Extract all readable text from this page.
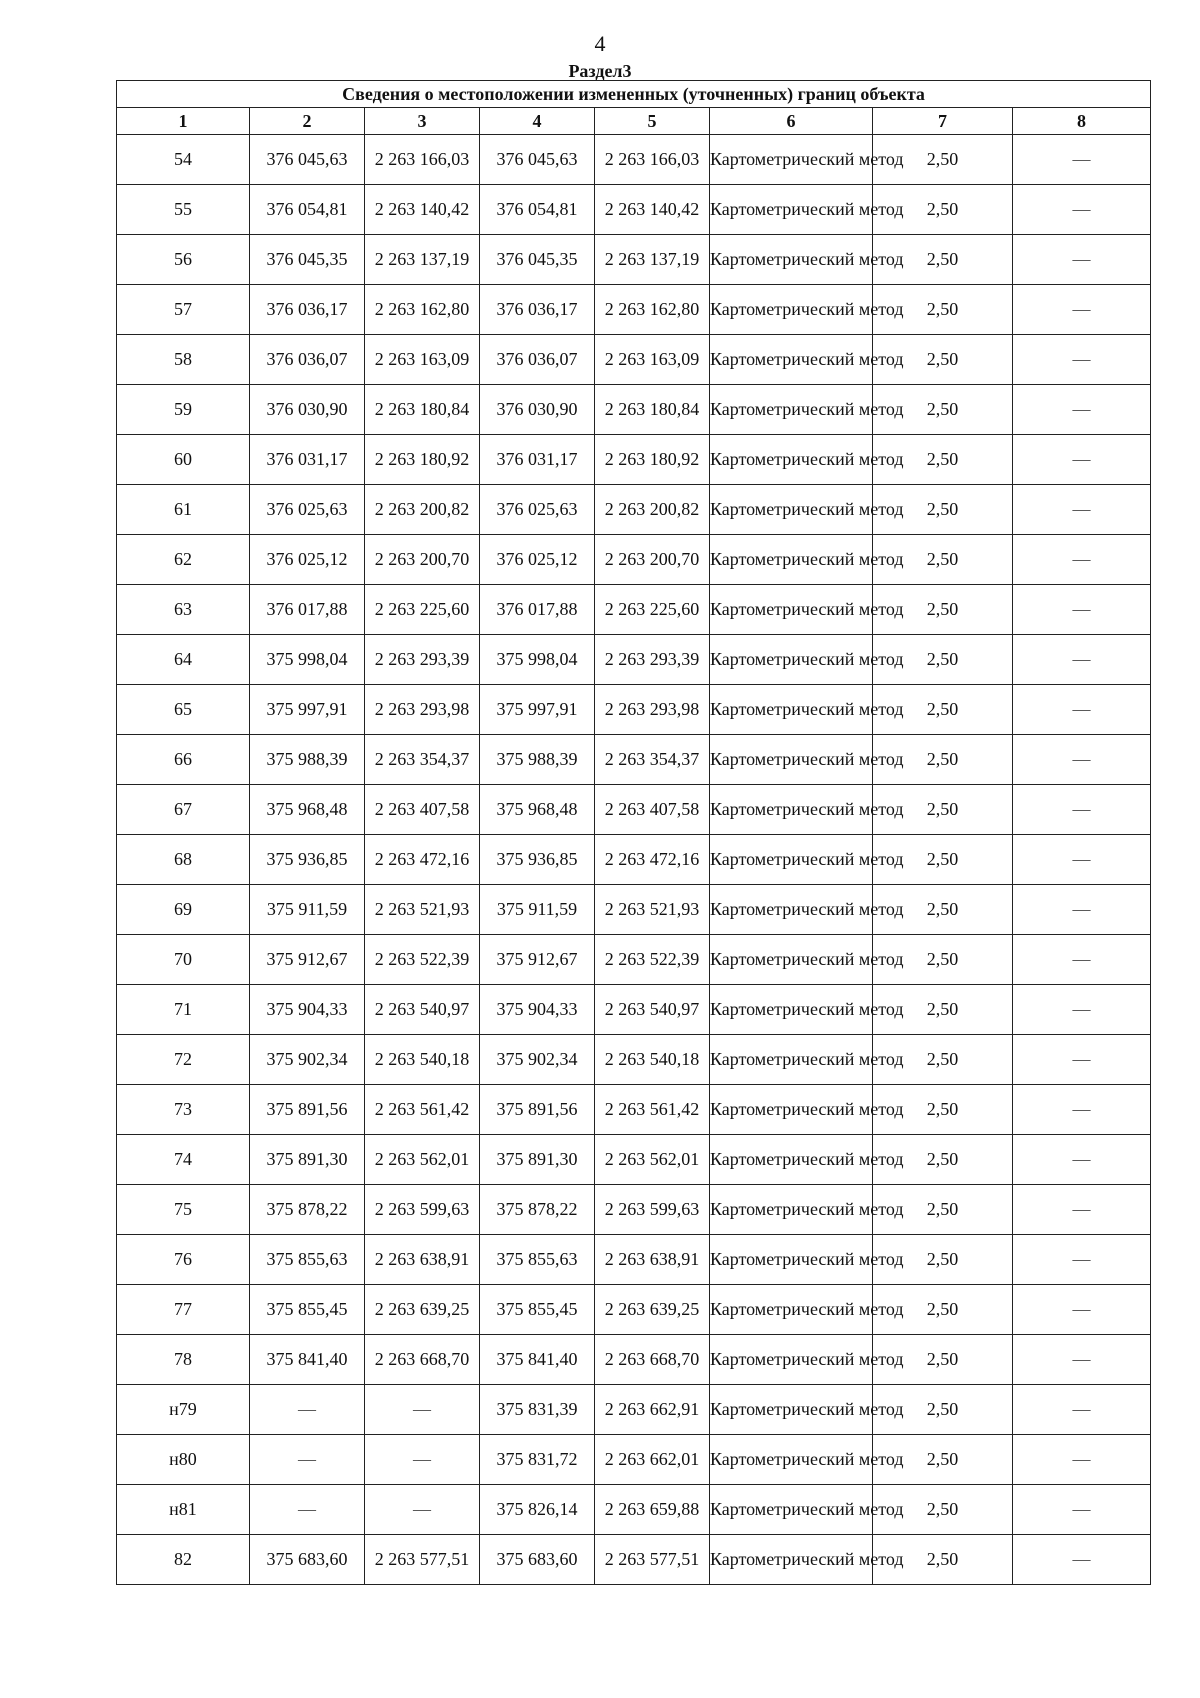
4
Раздел3
Сведения о местоположении измененных (уточненных) границ объекта							
1	2	3	4	5	6	7	8
54	376 045,63	2 263 166,03	376 045,63	2 263 166,03	Картометрический метод	2,50	—
55	376 054,81	2 263 140,42	376 054,81	2 263 140,42	Картометрический метод	2,50	—
56	376 045,35	2 263 137,19	376 045,35	2 263 137,19	Картометрический метод	2,50	—
57	376 036,17	2 263 162,80	376 036,17	2 263 162,80	Картометрический метод	2,50	—
58	376 036,07	2 263 163,09	376 036,07	2 263 163,09	Картометрический метод	2,50	—
59	376 030,90	2 263 180,84	376 030,90	2 263 180,84	Картометрический метод	2,50	—
60	376 031,17	2 263 180,92	376 031,17	2 263 180,92	Картометрический метод	2,50	—
61	376 025,63	2 263 200,82	376 025,63	2 263 200,82	Картометрический метод	2,50	—
62	376 025,12	2 263 200,70	376 025,12	2 263 200,70	Картометрический метод	2,50	—
63	376 017,88	2 263 225,60	376 017,88	2 263 225,60	Картометрический метод	2,50	—
64	375 998,04	2 263 293,39	375 998,04	2 263 293,39	Картометрический метод	2,50	—
65	375 997,91	2 263 293,98	375 997,91	2 263 293,98	Картометрический метод	2,50	—
66	375 988,39	2 263 354,37	375 988,39	2 263 354,37	Картометрический метод	2,50	—
67	375 968,48	2 263 407,58	375 968,48	2 263 407,58	Картометрический метод	2,50	—
68	375 936,85	2 263 472,16	375 936,85	2 263 472,16	Картометрический метод	2,50	—
69	375 911,59	2 263 521,93	375 911,59	2 263 521,93	Картометрический метод	2,50	—
70	375 912,67	2 263 522,39	375 912,67	2 263 522,39	Картометрический метод	2,50	—
71	375 904,33	2 263 540,97	375 904,33	2 263 540,97	Картометрический метод	2,50	—
72	375 902,34	2 263 540,18	375 902,34	2 263 540,18	Картометрический метод	2,50	—
73	375 891,56	2 263 561,42	375 891,56	2 263 561,42	Картометрический метод	2,50	—
74	375 891,30	2 263 562,01	375 891,30	2 263 562,01	Картометрический метод	2,50	—
75	375 878,22	2 263 599,63	375 878,22	2 263 599,63	Картометрический метод	2,50	—
76	375 855,63	2 263 638,91	375 855,63	2 263 638,91	Картометрический метод	2,50	—
77	375 855,45	2 263 639,25	375 855,45	2 263 639,25	Картометрический метод	2,50	—
78	375 841,40	2 263 668,70	375 841,40	2 263 668,70	Картометрический метод	2,50	—
н79	—	—	375 831,39	2 263 662,91	Картометрический метод	2,50	—
н80	—	—	375 831,72	2 263 662,01	Картометрический метод	2,50	—
н81	—	—	375 826,14	2 263 659,88	Картометрический метод	2,50	—
82	375 683,60	2 263 577,51	375 683,60	2 263 577,51	Картометрический метод	2,50	—
